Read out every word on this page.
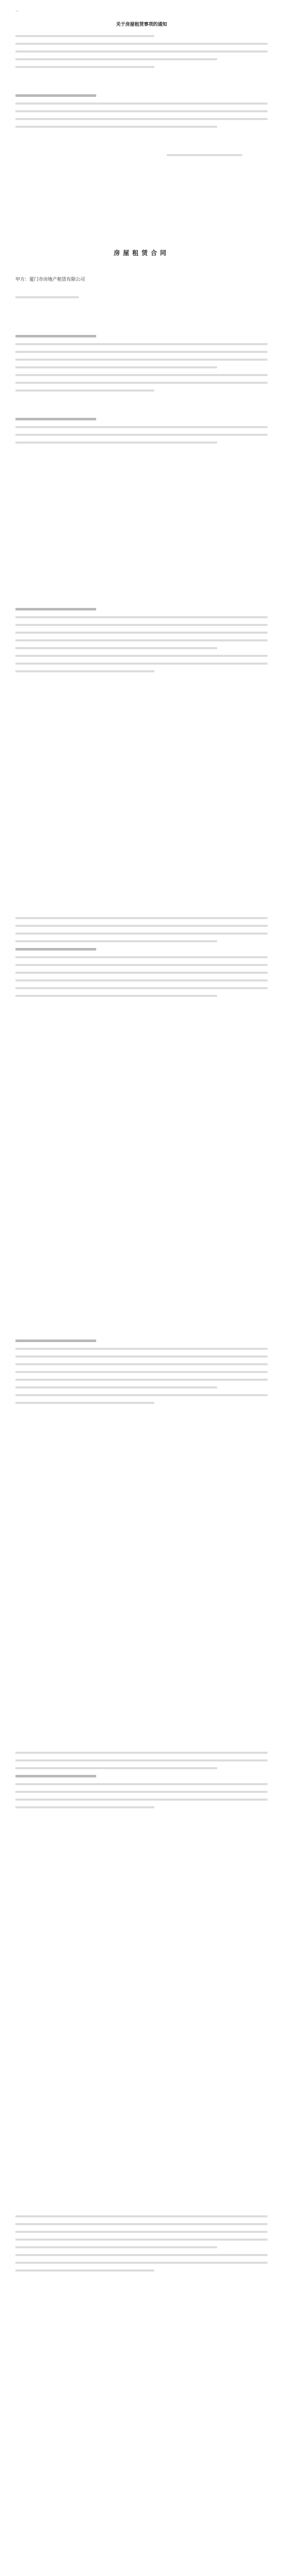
—
关于房屋租赁事项的通知
房屋租赁合同
甲方：厦门市房地产租赁有限公司
